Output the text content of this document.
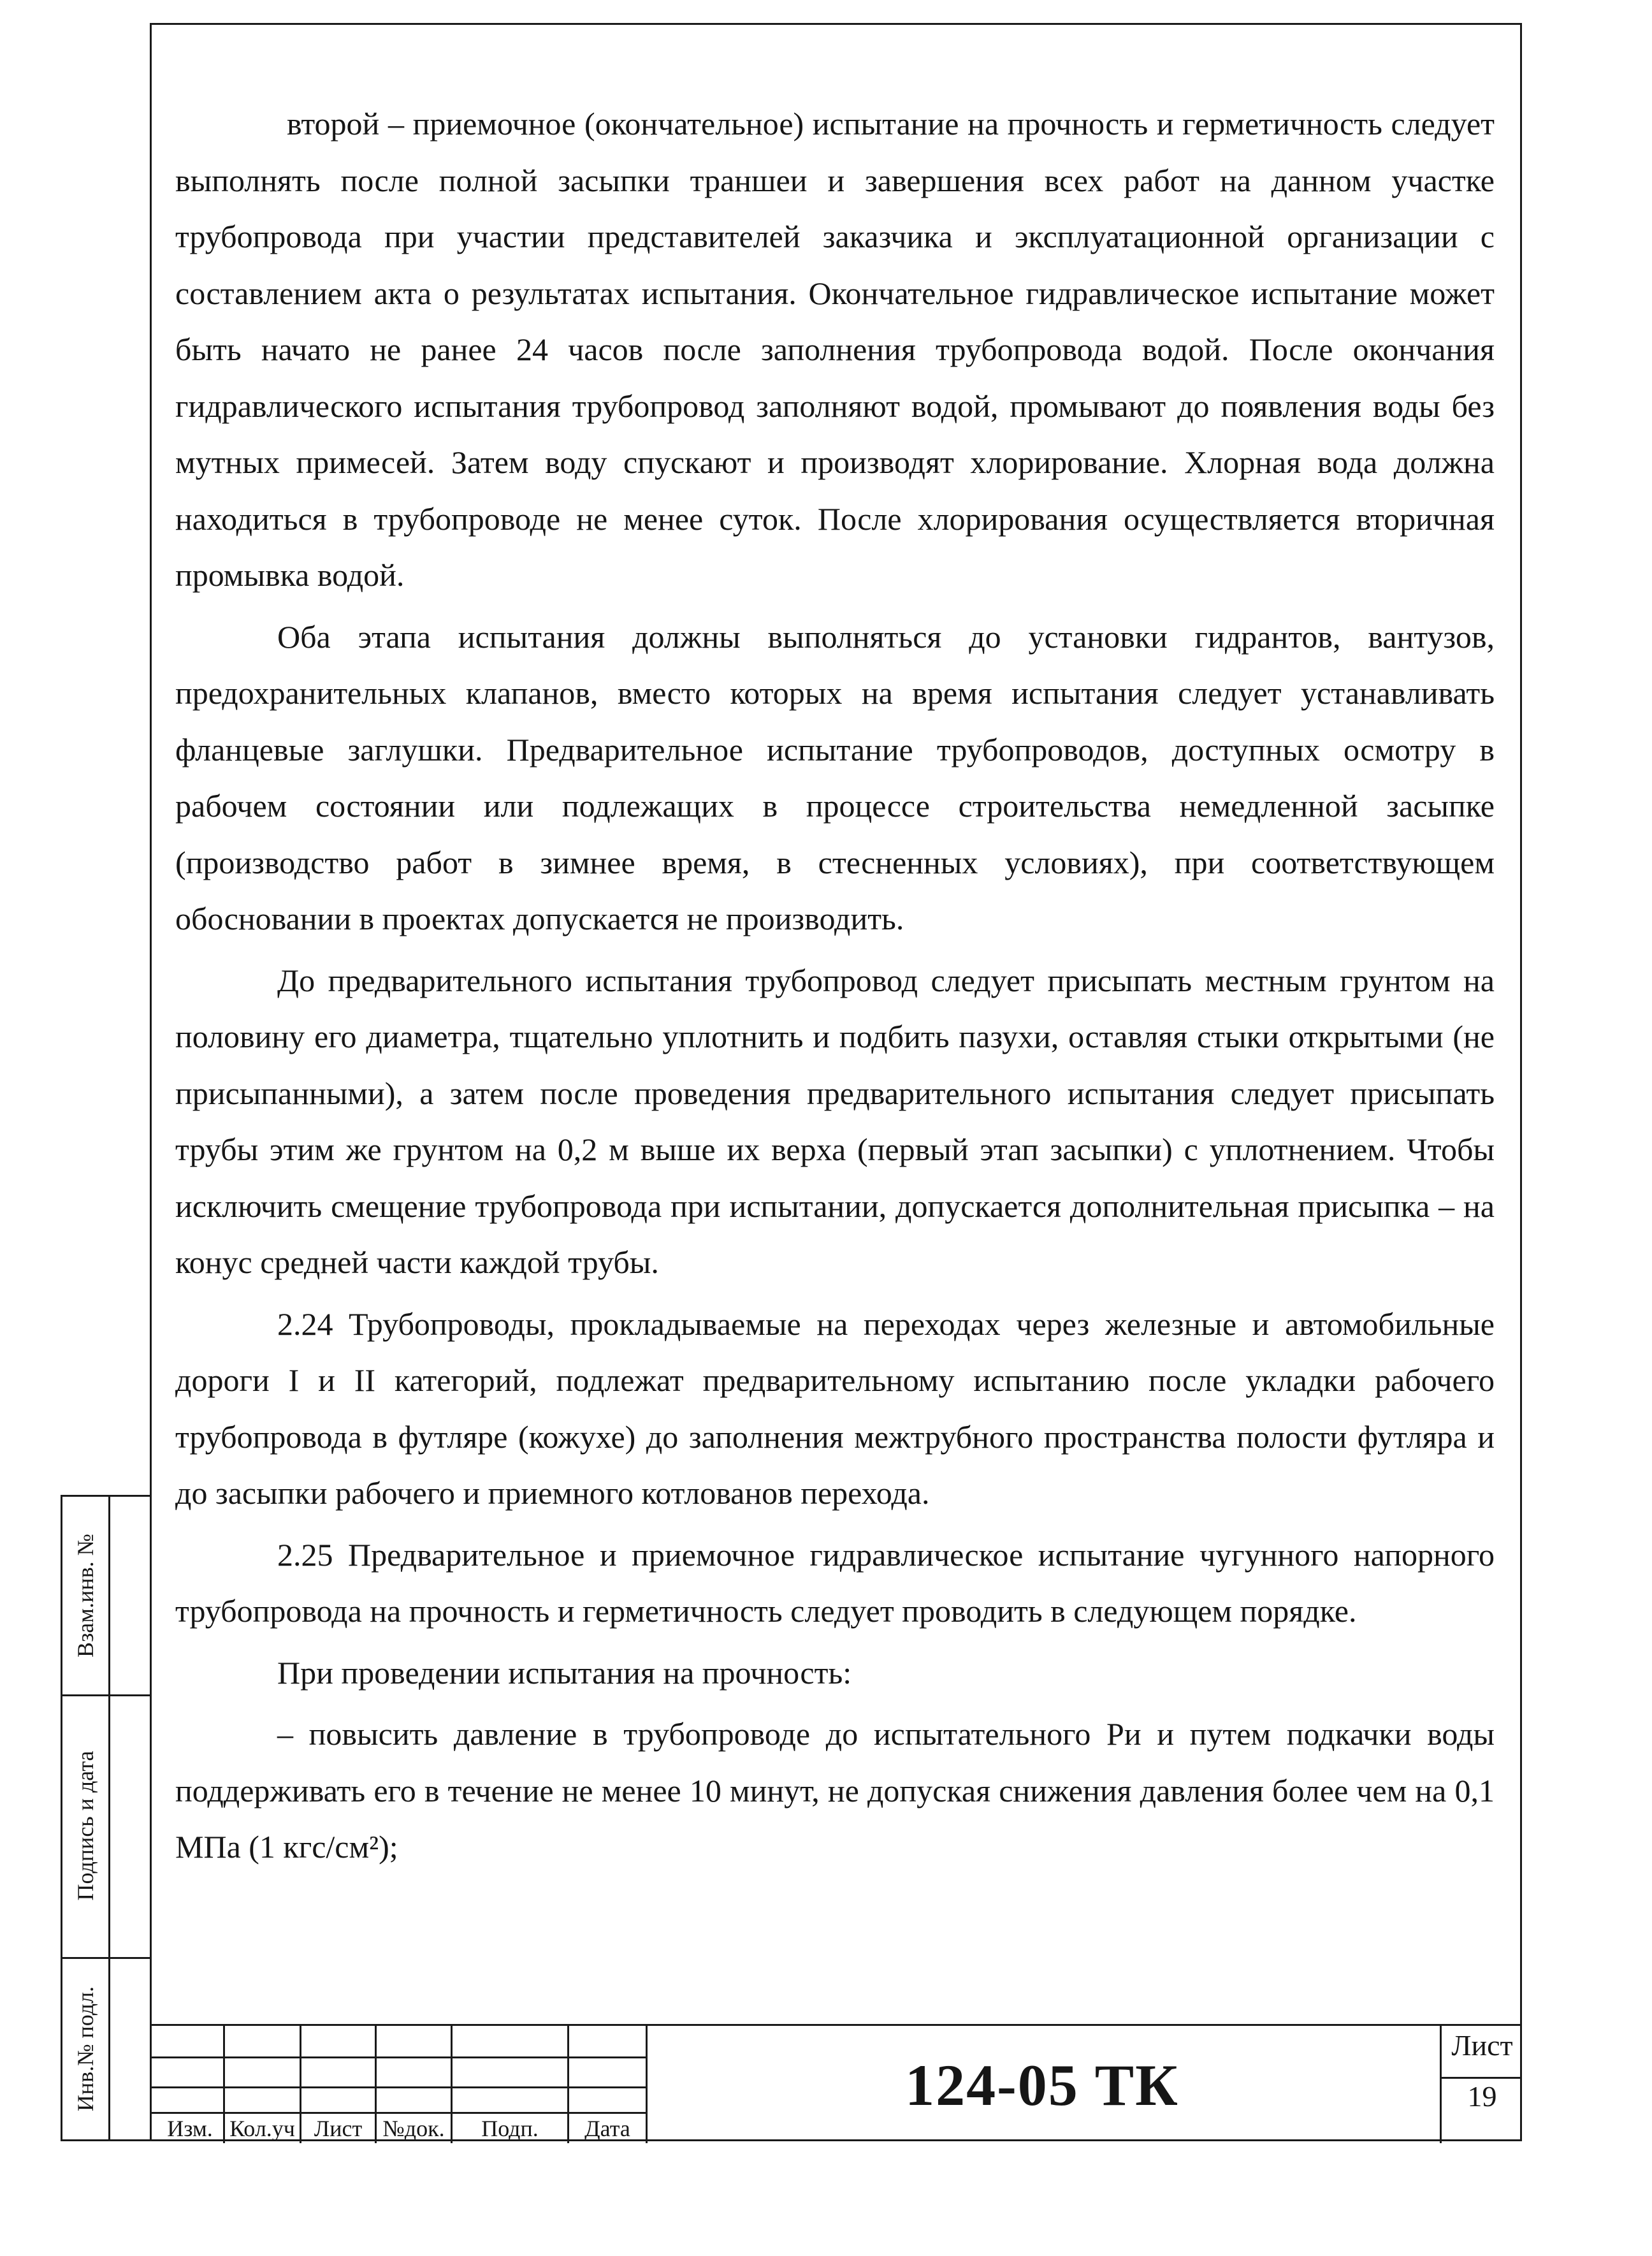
второй – приемочное (окончательное) испытание на прочность и герметичность следует выполнять после полной засыпки траншеи и завершения всех работ на данном участке трубопровода при участии представителей заказчика и эксплуатационной организации с составлением акта о результатах испытания. Окончательное гидравлическое испытание может быть начато не ранее 24 часов после заполнения трубопровода водой. После окончания гидравлического испытания трубопровод заполняют водой, промывают до появления воды без мутных примесей. Затем воду спускают и производят хлорирование. Хлорная вода должна находиться в трубопроводе не менее суток. После хлорирования осуществляется вторичная промывка водой.

Оба этапа испытания должны выполняться до установки гидрантов, вантузов, предохранительных клапанов, вместо которых на время испытания следует устанавливать фланцевые заглушки. Предварительное испытание трубопроводов, доступных осмотру в рабочем состоянии или подлежащих в процессе строительства немедленной засыпке (производство работ в зимнее время, в стесненных условиях), при соответствующем обосновании в проектах допускается не производить.

До предварительного испытания трубопровод следует присыпать местным грунтом на половину его диаметра, тщательно уплотнить и подбить пазухи, оставляя стыки открытыми (не присыпанными), а затем после проведения предварительного испытания следует присыпать трубы этим же грунтом на 0,2 м выше их верха (первый этап засыпки) с уплотнением. Чтобы исключить смещение трубопровода при испытании, допускается дополнительная присыпка – на конус средней части каждой трубы.

2.24 Трубопроводы, прокладываемые на переходах через железные и автомобильные дороги I и II категорий, подлежат предварительному испытанию после укладки рабочего трубопровода в футляре (кожухе) до заполнения межтрубного пространства полости футляра и до засыпки рабочего и приемного котлованов перехода.

2.25 Предварительное и приемочное гидравлическое испытание чугунного напорного трубопровода на прочность и герметичность следует проводить в следующем порядке.

При проведении испытания на прочность:

– повысить давление в трубопроводе до испытательного Pи и путем подкачки воды поддерживать его в течение не менее 10 минут, не допуская снижения давления более чем на 0,1 МПа (1 кгс/см²);

Взам.инв. №
Подпись и дата
Инв.№ подл.
Изм. Кол.уч Лист №док.	Подп.	Дата
124-05 ТК
Лист
19
